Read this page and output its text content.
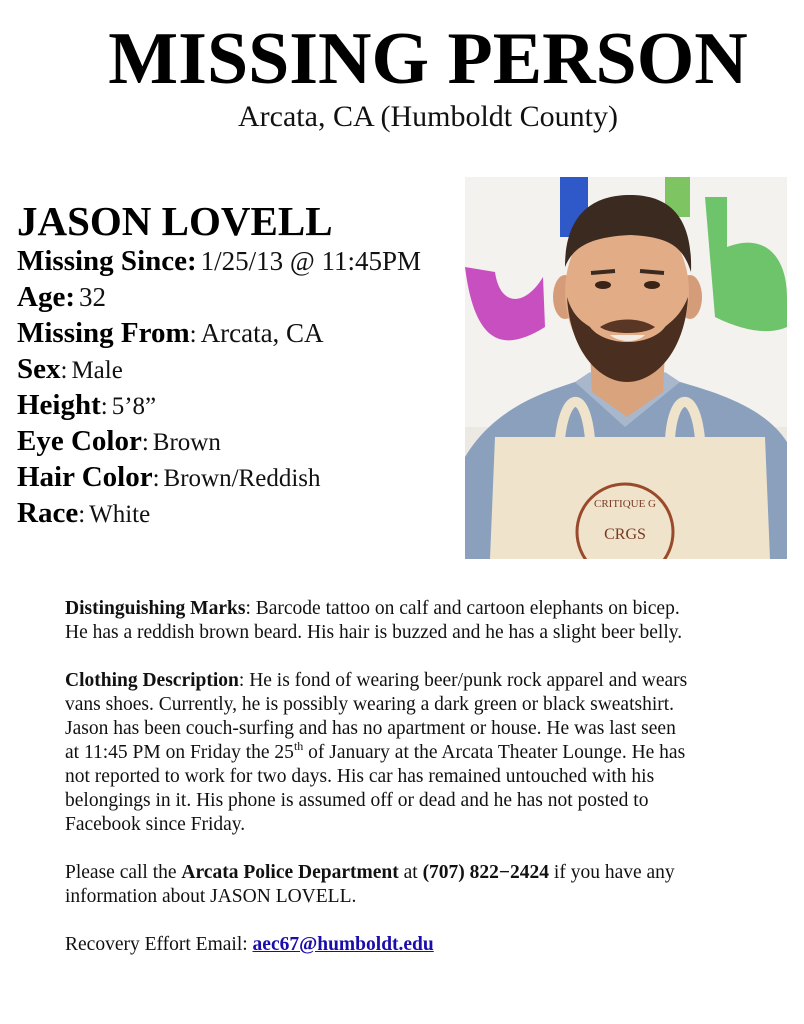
MISSING PERSON
Arcata, CA (Humboldt County)
JASON LOVELL
Missing Since: 1/25/13 @ 11:45PM
Age: 32
Missing From: Arcata, CA
Sex: Male
Height: 5’8”
Eye Color: Brown
Hair Color: Brown/Reddish
Race: White
CRGS
CRITIQUE G

Distinguishing Marks: Barcode tattoo on calf and cartoon elephants on bicep.
He has a reddish brown beard. His hair is buzzed and he has a slight beer belly.

Clothing Description: He is fond of wearing beer/punk rock apparel and wears
vans shoes. Currently, he is possibly wearing a dark green or black sweatshirt.
Jason has been couch-surfing and has no apartment or house. He was last seen
at 11:45 PM on Friday the 25th of January at the Arcata Theater Lounge. He has
not reported to work for two days. His car has remained untouched with his
belongings in it. His phone is assumed off or dead and he has not posted to
Facebook since Friday.

Please call the Arcata Police Department at (707) 822−2424 if you have any
information about JASON LOVELL.

Recovery Effort Email: aec67@humboldt.edu
